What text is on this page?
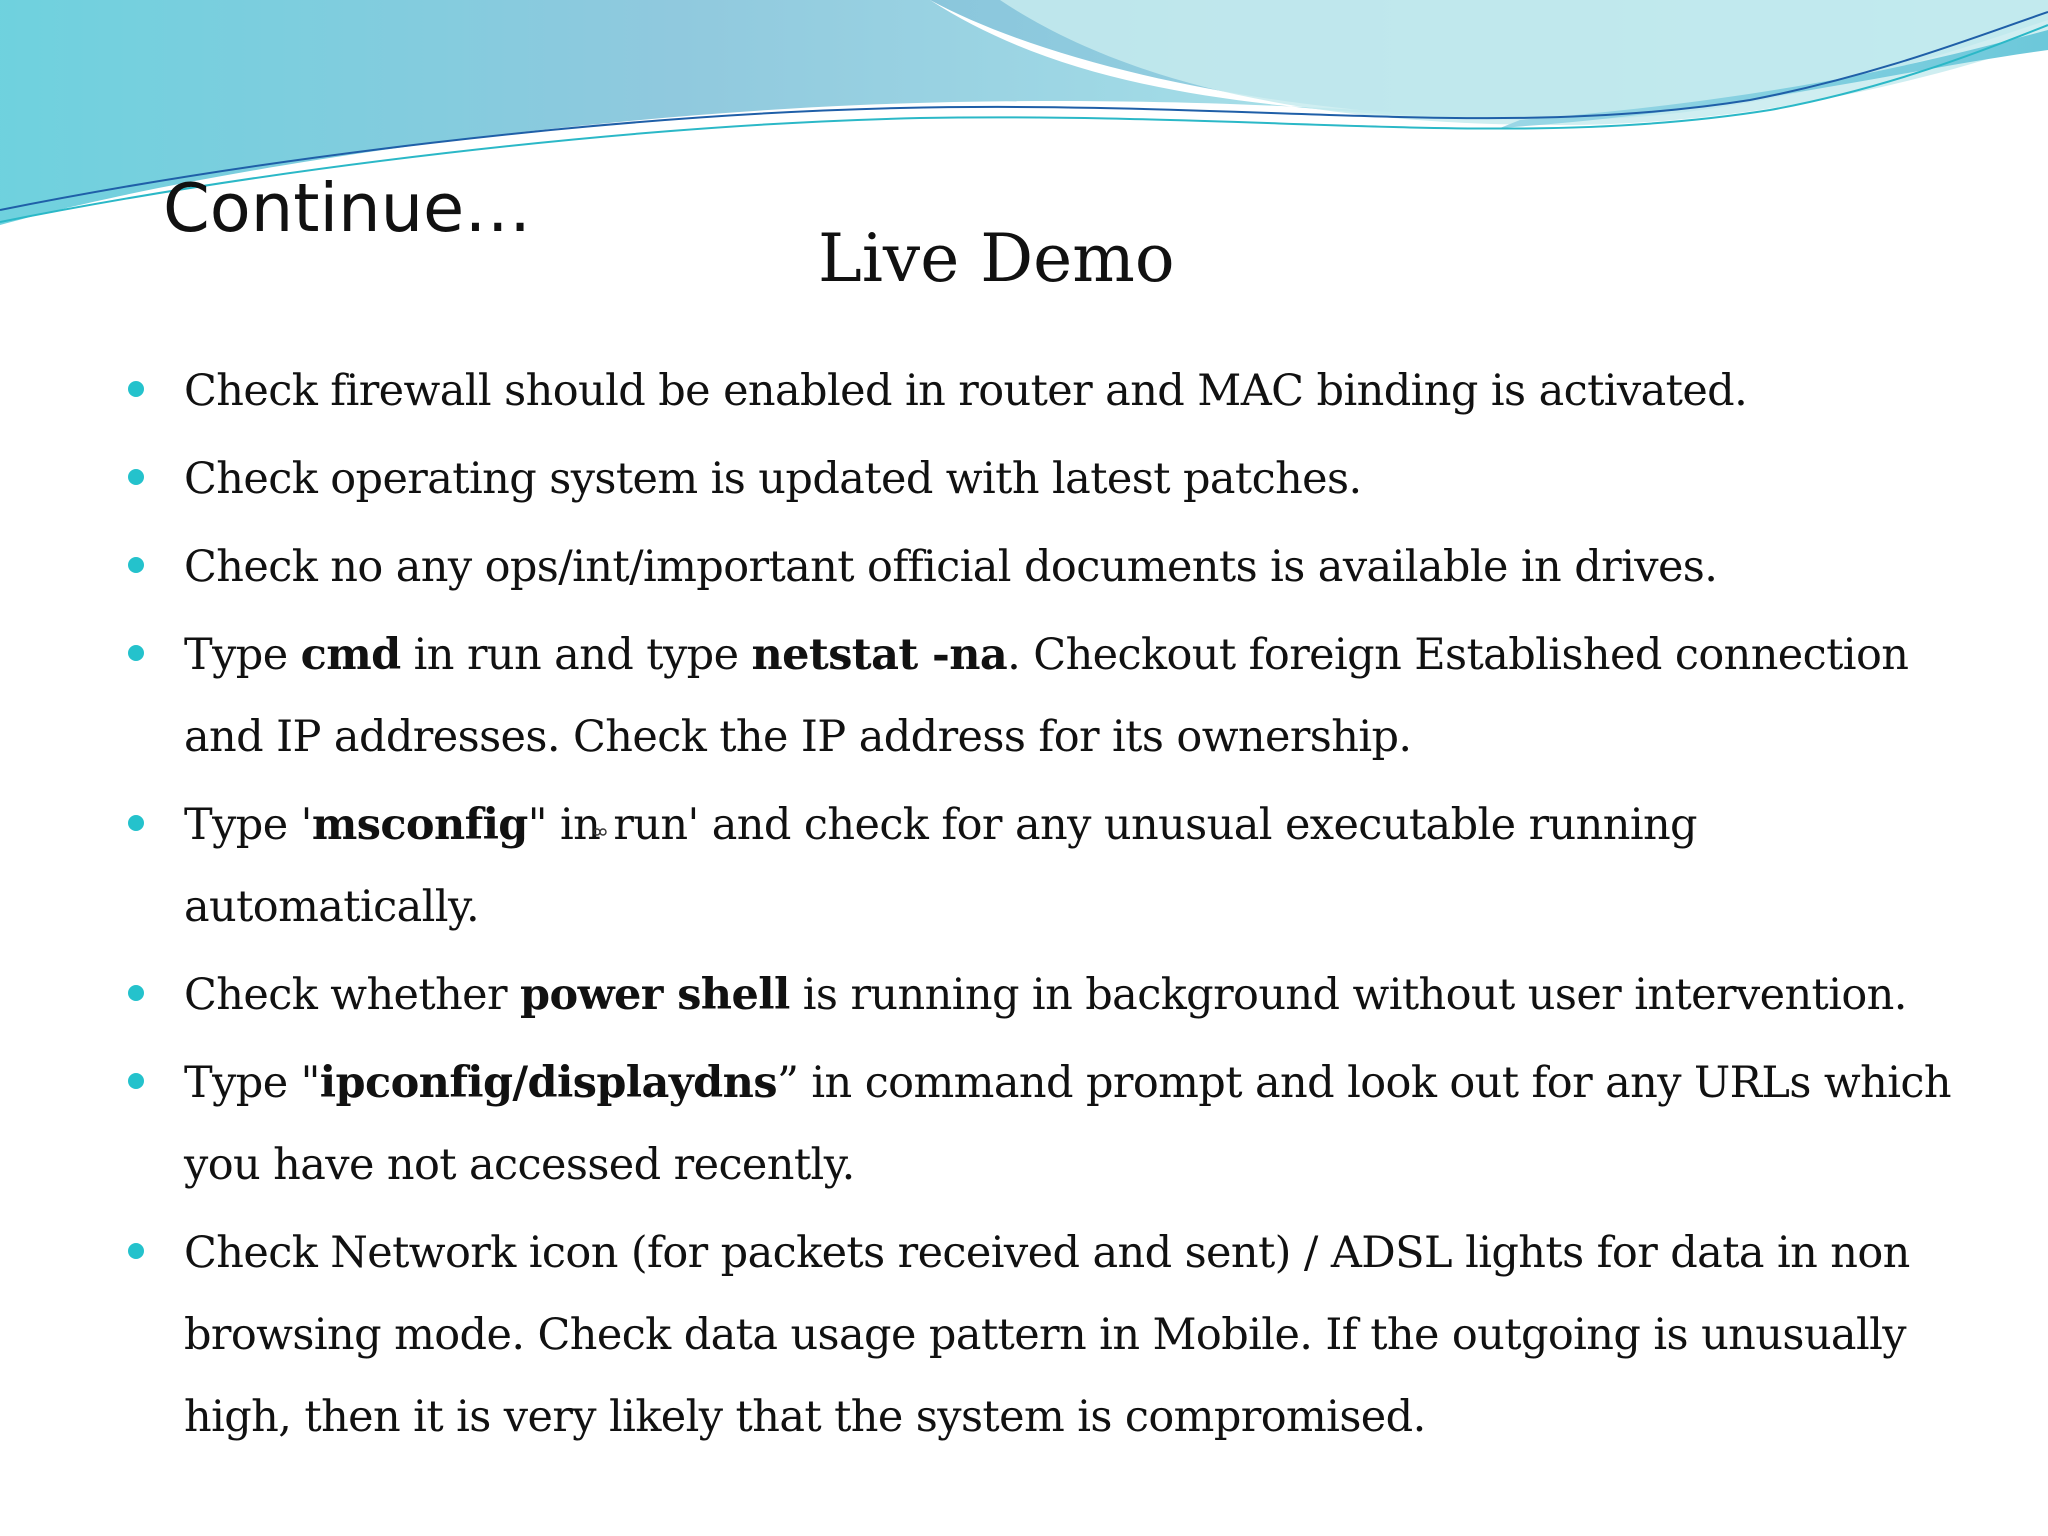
Continue…
Live Demo
Check firewall should be enabled in router and MAC binding is activated.
Check operating system is updated with latest patches.
Check no any ops/int/important official documents is available in drives.
Type cmd in run and type netstat -na. Checkout foreign Established connection and IP addresses. Check the IP address for its ownership.
Type 'msconfig" in run' and check for any unusual executable running automatically.
Check whether power shell is running in background without user intervention.
Type "ipconfig/displaydns” in command prompt and look out for any URLs which you have not accessed recently.
Check Network icon (for packets received and sent) / ADSL lights for data in non browsing mode. Check data usage pattern in Mobile. If the outgoing is unusually high, then it is very likely that the system is compromised.
